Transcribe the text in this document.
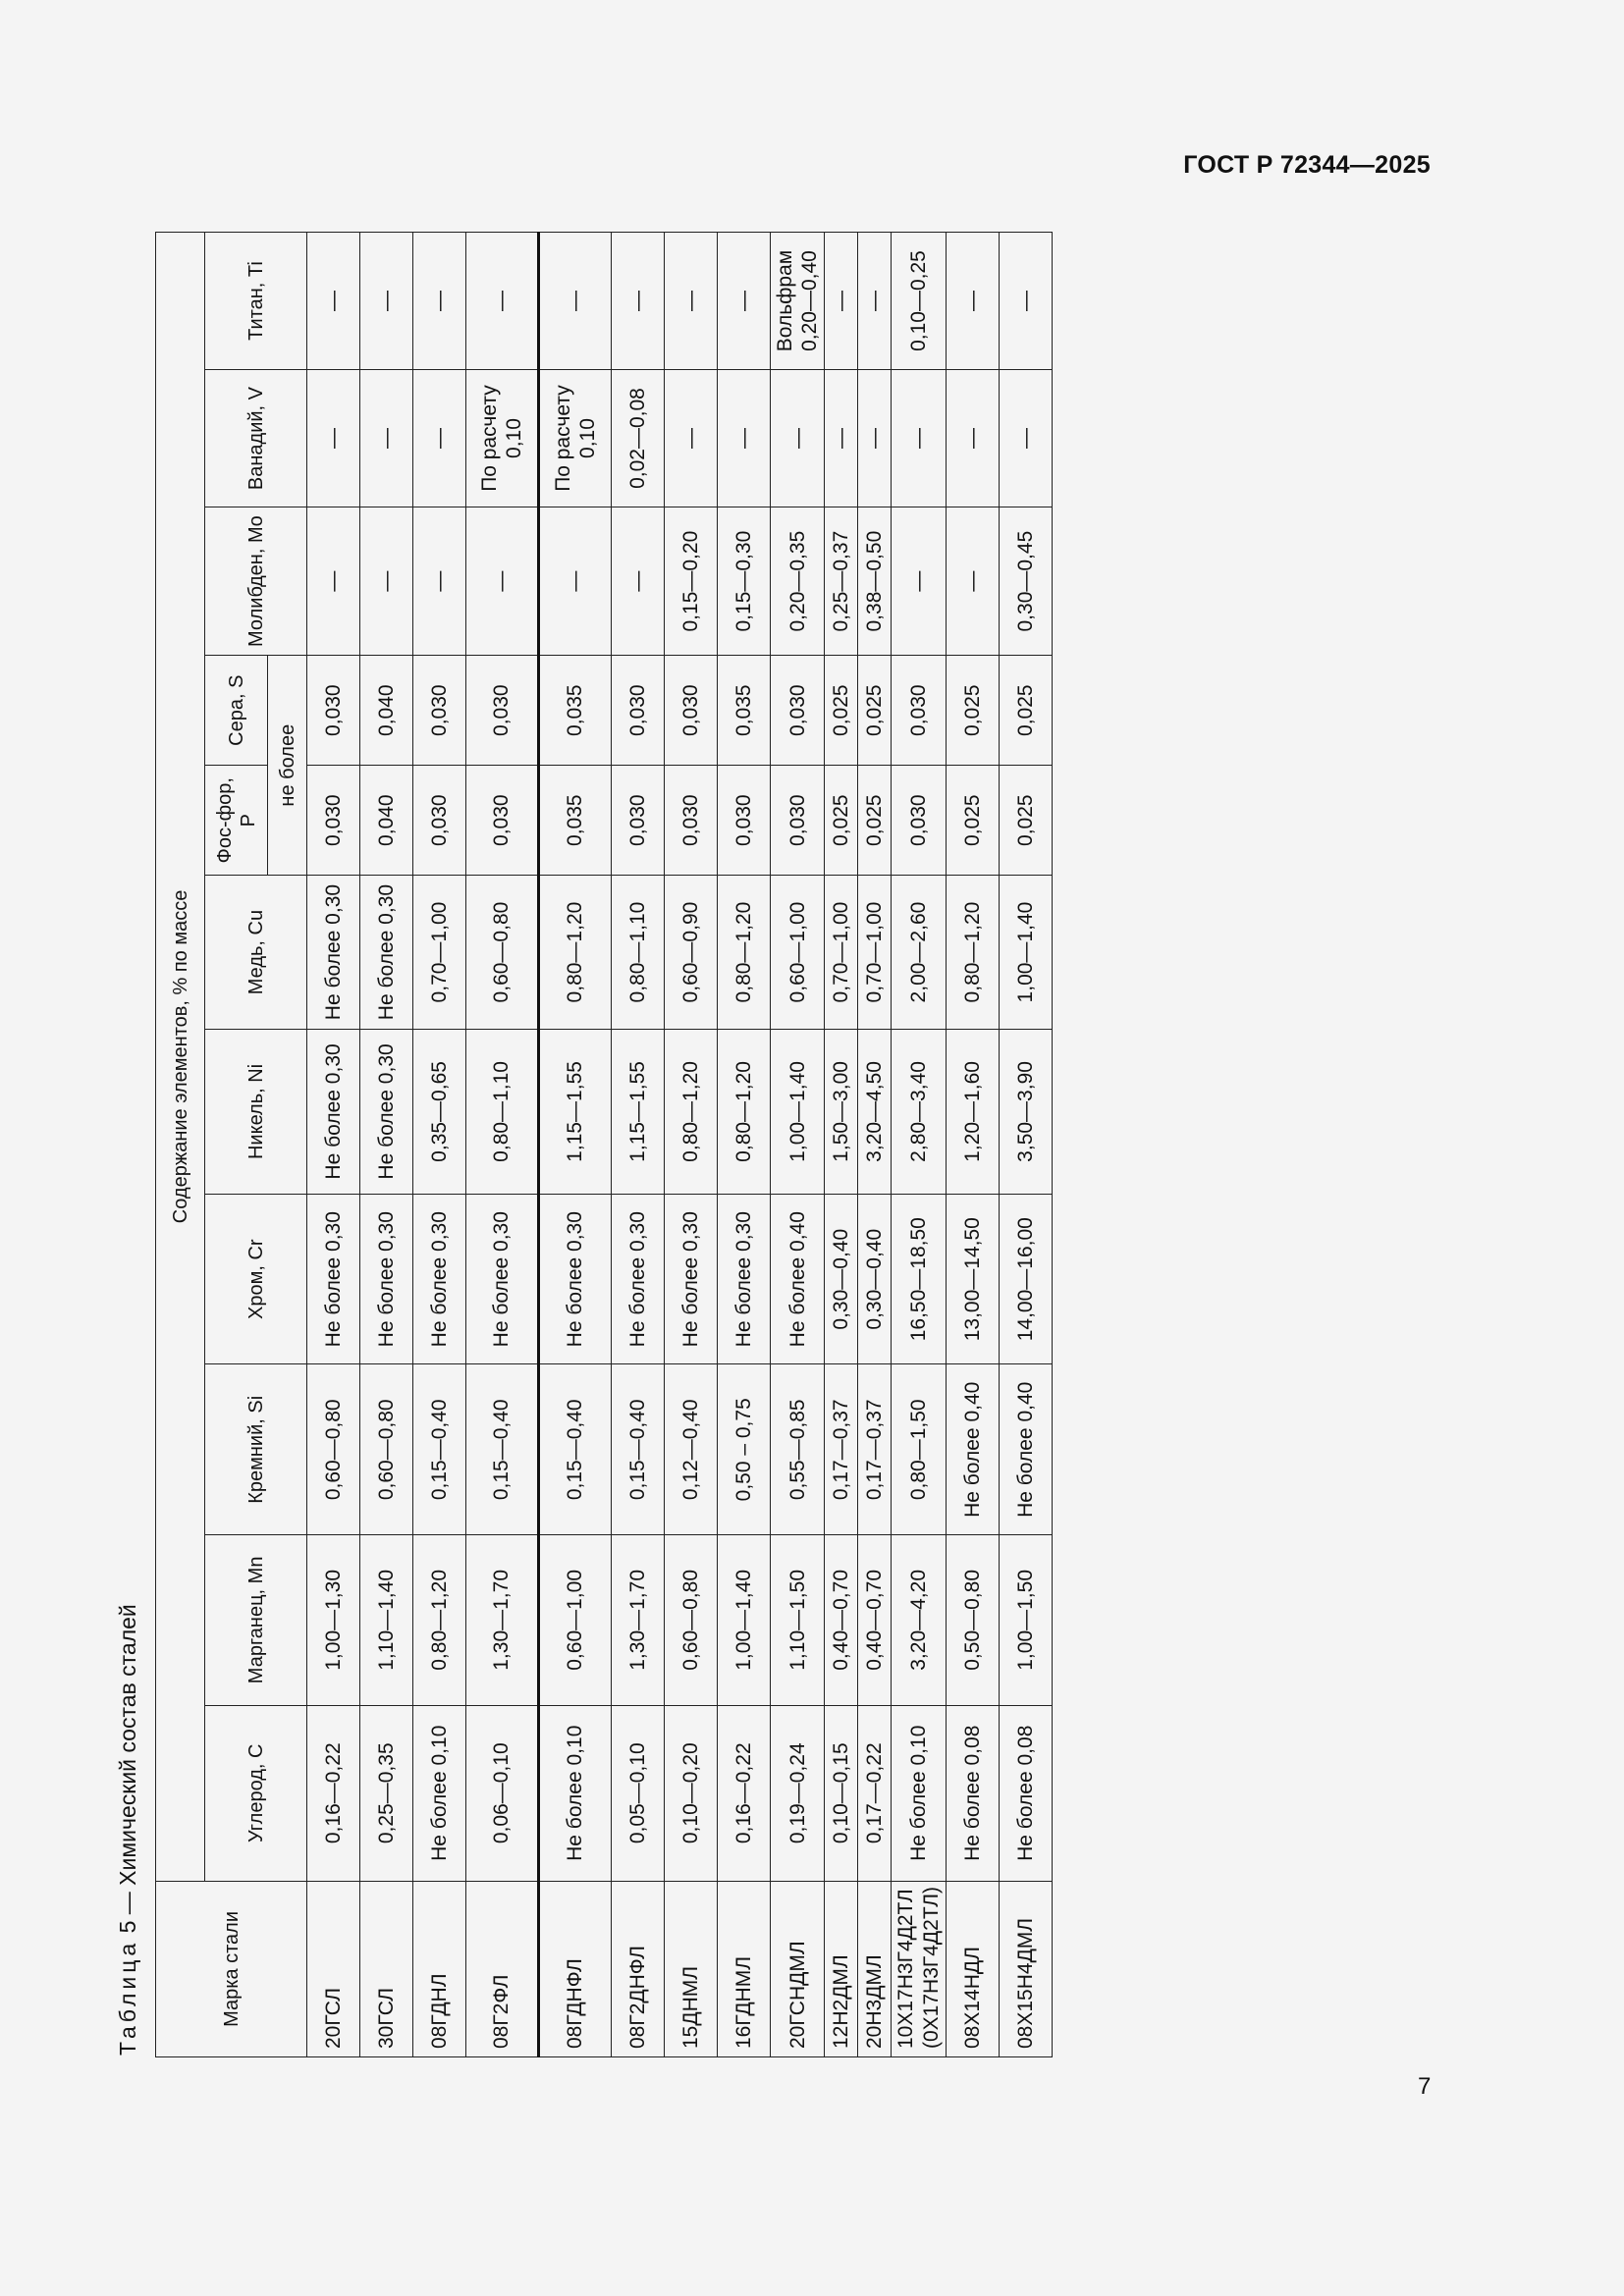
ГОСТ Р 72344—2025
Таблица 5 — Химический состав сталей
Марка стали	Содержание элементов, % по массе										
	Углерод, C	Марганец, Mn	Кремний, Si	Хром, Cr	Никель, Ni	Медь, Cu	Фос-фор, P	Сера, S	Молибден, Mo	Ванадий, V	Титан, Ti
							не более				
20ГСЛ	0,16—0,22	1,00—1,30	0,60—0,80	Не более 0,30	Не более 0,30	Не более 0,30	0,030	0,030	—	—	—
30ГСЛ	0,25—0,35	1,10—1,40	0,60—0,80	Не более 0,30	Не более 0,30	Не более 0,30	0,040	0,040	—	—	—
08ГДНЛ	Не более 0,10	0,80—1,20	0,15—0,40	Не более 0,30	0,35—0,65	0,70—1,00	0,030	0,030	—	—	—
08Г2ФЛ	0,06—0,10	1,30—1,70	0,15—0,40	Не более 0,30	0,80—1,10	0,60—0,80	0,030	0,030	—	По расчету 0,10	—
08ГДНФЛ	Не более 0,10	0,60—1,00	0,15—0,40	Не более 0,30	1,15—1,55	0,80—1,20	0,035	0,035	—	По расчету 0,10	—
08Г2ДНФЛ	0,05—0,10	1,30—1,70	0,15—0,40	Не более 0,30	1,15—1,55	0,80—1,10	0,030	0,030	—	0,02—0,08	—
15ДНМЛ	0,10—0,20	0,60—0,80	0,12—0,40	Не более 0,30	0,80—1,20	0,60—0,90	0,030	0,030	0,15—0,20	—	—
16ГДНМЛ	0,16—0,22	1,00—1,40	0,50 – 0,75	Не более 0,30	0,80—1,20	0,80—1,20	0,030	0,035	0,15—0,30	—	—
20ГСНДМЛ	0,19—0,24	1,10—1,50	0,55—0,85	Не более 0,40	1,00—1,40	0,60—1,00	0,030	0,030	0,20—0,35	—	Вольфрам 0,20—0,40
12Н2ДМЛ	0,10—0,15	0,40—0,70	0,17—0,37	0,30—0,40	1,50—3,00	0,70—1,00	0,025	0,025	0,25—0,37	—	—
20Н3ДМЛ	0,17—0,22	0,40—0,70	0,17—0,37	0,30—0,40	3,20—4,50	0,70—1,00	0,025	0,025	0,38—0,50	—	—
10Х17Н3Г4Д2ТЛ (0Х17Н3Г4Д2ТЛ)	Не более 0,10	3,20—4,20	0,80—1,50	16,50—18,50	2,80—3,40	2,00—2,60	0,030	0,030	—	—	0,10—0,25
08Х14НДЛ	Не более 0,08	0,50—0,80	Не более 0,40	13,00—14,50	1,20—1,60	0,80—1,20	0,025	0,025	—	—	—
08Х15Н4ДМЛ	Не более 0,08	1,00—1,50	Не более 0,40	14,00—16,00	3,50—3,90	1,00—1,40	0,025	0,025	0,30—0,45	—	—
7
